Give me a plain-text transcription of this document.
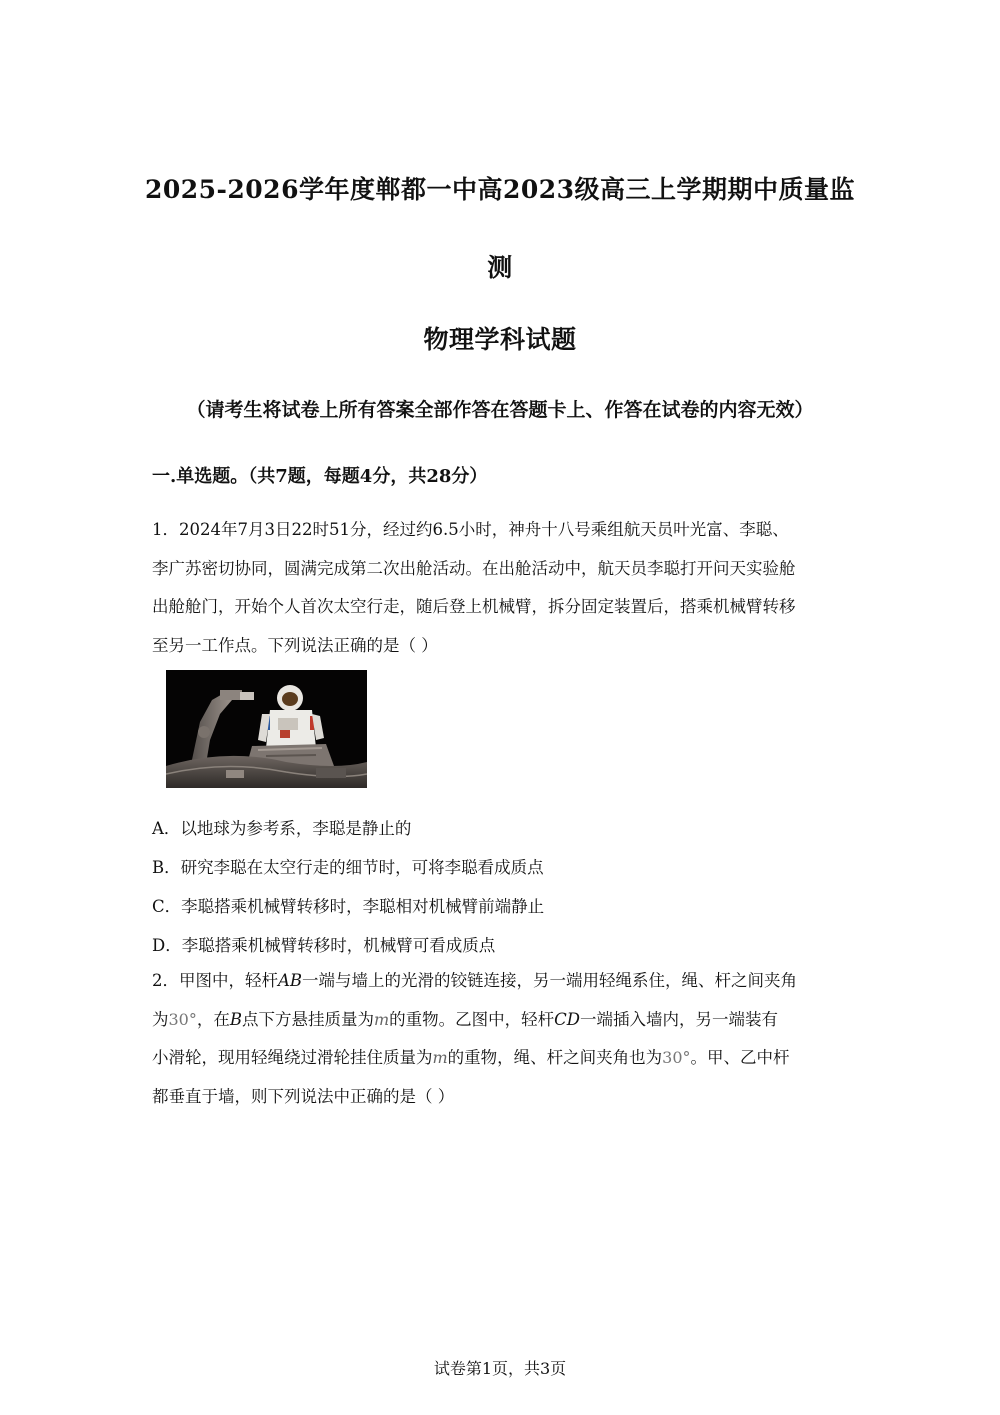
2025-2026学年度郸都一中高2023级高三上学期期中质量监
测
物理学科试题
（请考生将试卷上所有答案全部作答在答题卡上、作答在试卷的内容无效）
一.单选题。（共7题，每题4分，共28分）
1．2024年7月3日22时51分，经过约6.5小时，神舟十八号乘组航天员叶光富、李聪、
李广苏密切协同，圆满完成第二次出舱活动。在出舱活动中，航天员李聪打开问天实验舱
出舱舱门，开始个人首次太空行走，随后登上机械臂，拆分固定装置后，搭乘机械臂转移
至另一工作点。下列说法正确的是（ ）
A．以地球为参考系，李聪是静止的
B．研究李聪在太空行走的细节时，可将李聪看成质点
C．李聪搭乘机械臂转移时，李聪相对机械臂前端静止
D．李聪搭乘机械臂转移时，机械臂可看成质点
2．甲图中，轻杆AB一端与墙上的光滑的铰链连接，另一端用轻绳系住，绳、杆之间夹角
为30°，在B点下方悬挂质量为m的重物。乙图中，轻杆CD一端插入墙内，另一端装有
小滑轮，现用轻绳绕过滑轮挂住质量为m的重物，绳、杆之间夹角也为30°。甲、乙中杆
都垂直于墙，则下列说法中正确的是（ ）
试卷第1页，共3页
